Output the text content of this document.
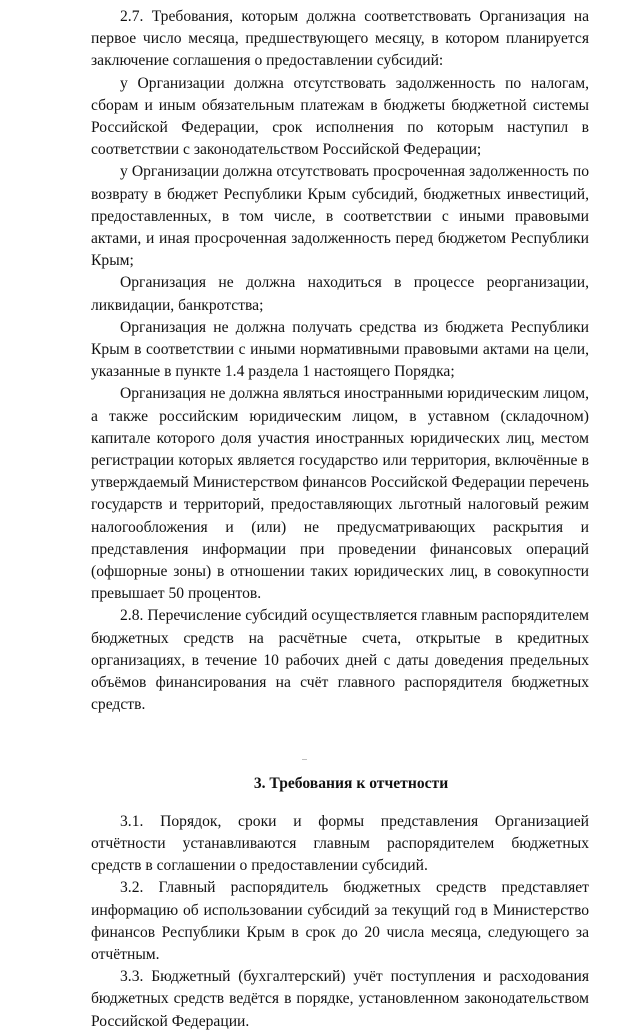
2.7. Требования, которым должна соответствовать Организация на первое число месяца, предшествующего месяцу, в котором планируется заключение соглашения о предоставлении субсидий:

у Организации должна отсутствовать задолженность по налогам, сборам и иным обязательным платежам в бюджеты бюджетной системы Российской Федерации, срок исполнения по которым наступил в соответствии с законодательством Российской Федерации;

у Организации должна отсутствовать просроченная задолженность по возврату в бюджет Республики Крым субсидий, бюджетных инвестиций, предоставленных, в том числе, в соответствии с иными правовыми актами, и иная просроченная задолженность перед бюджетом Республики Крым;

Организация не должна находиться в процессе реорганизации, ликвидации, банкротства;

Организация не должна получать средства из бюджета Республики Крым в соответствии с иными нормативными правовыми актами на цели, указанные в пункте 1.4 раздела 1 настоящего Порядка;

Организация не должна являться иностранными юридическим лицом, а также российским юридическим лицом, в уставном (складочном) капитале которого доля участия иностранных юридических лиц, местом регистрации которых является государство или территория, включённые в утверждаемый Министерством финансов Российской Федерации перечень государств и территорий, предоставляющих льготный налоговый режим налогообложения и (или) не предусматривающих раскрытия и представления информации при проведении финансовых операций (офшорные зоны) в отношении таких юридических лиц, в совокупности превышает 50 процентов.

2.8. Перечисление субсидий осуществляется главным распорядителем бюджетных средств на расчётные счета, открытые в кредитных организациях, в течение 10 рабочих дней с даты доведения предельных объёмов финансирования на счёт главного распорядителя бюджетных средств.

3. Требования к отчетности

3.1. Порядок, сроки и формы представления Организацией отчётности устанавливаются главным распорядителем бюджетных средств в соглашении о предоставлении субсидий.

3.2. Главный распорядитель бюджетных средств представляет информацию об использовании субсидий за текущий год в Министерство финансов Республики Крым в срок до 20 числа месяца, следующего за отчётным.

3.3. Бюджетный (бухгалтерский) учёт поступления и расходования бюджетных средств ведётся в порядке, установленном законодательством Российской Федерации.
